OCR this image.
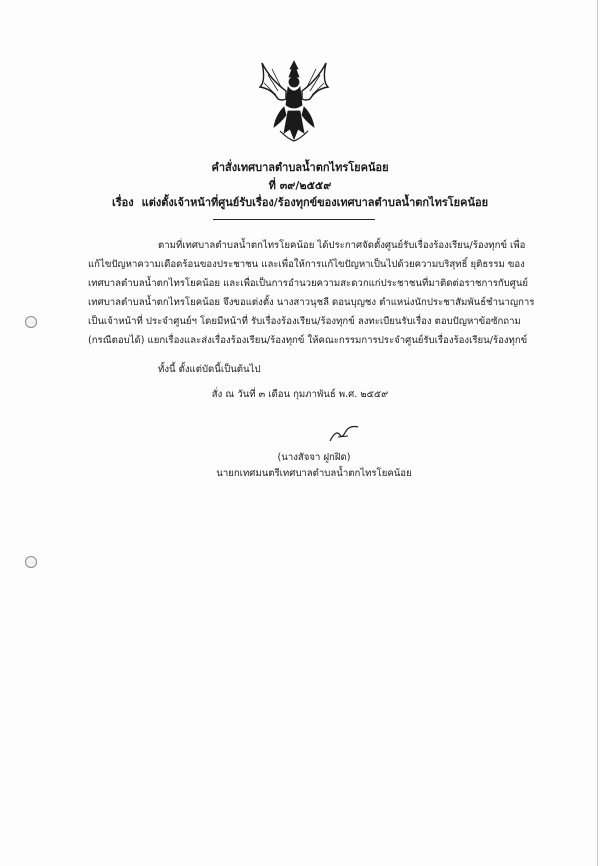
คำสั่งเทศบาลตำบลน้ำตกไทรโยคน้อย
ที่ ๓๙/๒๕๕๙
เรื่อง แต่งตั้งเจ้าหน้าที่ศูนย์รับเรื่อง/ร้องทุกข์ของเทศบาลตำบลน้ำตกไทรโยคน้อย
ตามที่เทศบาลตำบลน้ำตกไทรโยคน้อย ได้ประกาศจัดตั้งศูนย์รับเรื่องร้องเรียน/ร้องทุกข์ เพื่อ
แก้ไขปัญหาความเดือดร้อนของประชาชน และเพื่อให้การแก้ไขปัญหาเป็นไปด้วยความบริสุทธิ์ ยุติธรรม ของ
เทศบาลตำบลน้ำตกไทรโยคน้อย และเพื่อเป็นการอำนวยความสะดวกแก่ประชาชนที่มาติดต่อราชการกับศูนย์
เทศบาลตำบลน้ำตกไทรโยคน้อย จึงขอแต่งตั้ง นางสาวนุชลี ดอนบุญชง ตำแหน่งนักประชาสัมพันธ์ชำนาญการ
เป็นเจ้าหน้าที่ ประจำศูนย์ฯ โดยมีหน้าที่ รับเรื่องร้องเรียน/ร้องทุกข์ ลงทะเบียนรับเรื่อง ตอบปัญหาข้อซักถาม
(กรณีตอบได้) แยกเรื่องและส่งเรื่องร้องเรียน/ร้องทุกข์ ให้คณะกรรมการประจำศูนย์รับเรื่องร้องเรียน/ร้องทุกข์
ทั้งนี้ ตั้งแต่บัดนี้เป็นต้นไป
สั่ง ณ วันที่ ๓ เดือน กุมภาพันธ์ พ.ศ. ๒๕๕๙
(นางสัจจา ฝูกฝิด)
นายกเทศมนตรีเทศบาลตำบลน้ำตกไทรโยคน้อย
